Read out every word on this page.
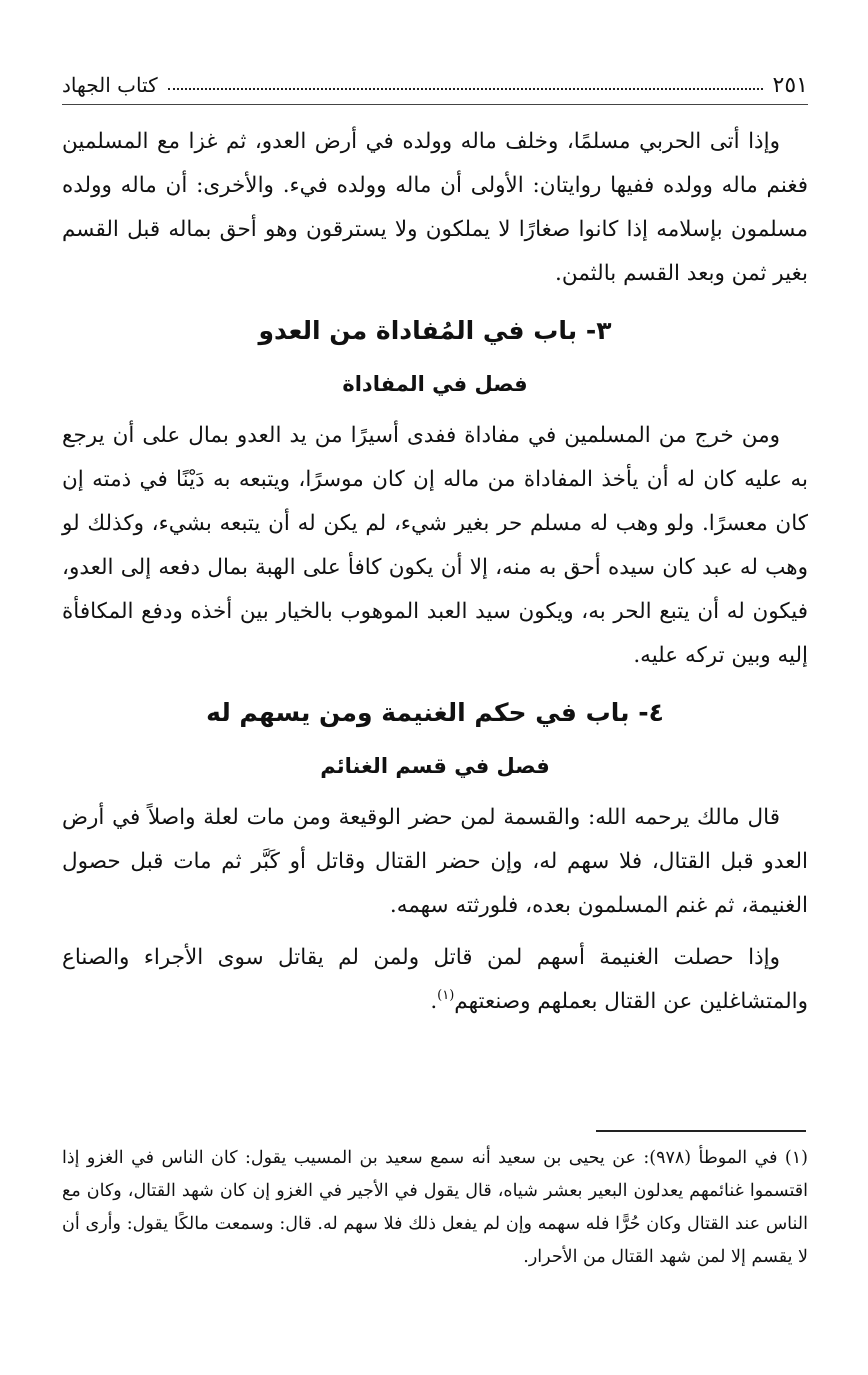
٢٥١
كتاب الجهاد

وإذا أتى الحربي مسلمًا، وخلف ماله وولده في أرض العدو، ثم غزا مع المسلمين فغنم ماله وولده ففيها روايتان: الأولى أن ماله وولده فيء. والأخرى: أن ماله وولده مسلمون بإسلامه إذا كانوا صغارًا لا يملكون ولا يسترقون وهو أحق بماله قبل القسم بغير ثمن وبعد القسم بالثمن.

٣- باب في المُفاداة من العدو
فصل في المفاداة

ومن خرج من المسلمين في مفاداة ففدى أسيرًا من يد العدو بمال على أن يرجع به عليه كان له أن يأخذ المفاداة من ماله إن كان موسرًا، ويتبعه به دَيْنًا في ذمته إن كان معسرًا. ولو وهب له مسلم حر بغير شيء، لم يكن له أن يتبعه بشيء، وكذلك لو وهب له عبد كان سيده أحق به منه، إلا أن يكون كافأ على الهبة بمال دفعه إلى العدو، فيكون له أن يتبع الحر به، ويكون سيد العبد الموهوب بالخيار بين أخذه ودفع المكافأة إليه وبين تركه عليه.

٤- باب في حكم الغنيمة ومن يسهم له
فصل في قسم الغنائم

قال مالك يرحمه الله: والقسمة لمن حضر الوقيعة ومن مات لعلة واصلاً في أرض العدو قبل القتال، فلا سهم له، وإن حضر القتال وقاتل أو كَبَّر ثم مات قبل حصول الغنيمة، ثم غنم المسلمون بعده، فلورثته سهمه.

وإذا حصلت الغنيمة أسهم لمن قاتل ولمن لم يقاتل سوى الأجراء والصناع والمتشاغلين عن القتال بعملهم وصنعتهم$^{(١)}$.

(١) في الموطأ (٩٧٨): عن يحيى بن سعيد أنه سمع سعيد بن المسيب يقول: كان الناس في الغزو إذا اقتسموا غنائمهم يعدلون البعير بعشر شياه، قال يقول في الأجير في الغزو إن كان شهد القتال، وكان مع الناس عند القتال وكان حُرًّا فله سهمه وإن لم يفعل ذلك فلا سهم له. قال: وسمعت مالكًا يقول: وأرى أن لا يقسم إلا لمن شهد القتال من الأحرار.
